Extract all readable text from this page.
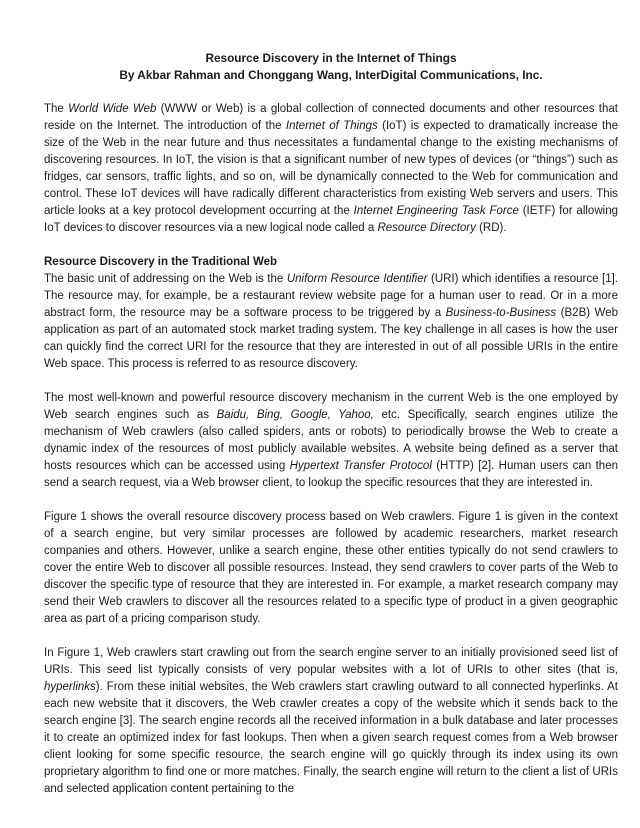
Resource Discovery in the Internet of Things
By Akbar Rahman and Chonggang Wang, InterDigital Communications, Inc.

The World Wide Web (WWW or Web) is a global collection of connected documents and other resources that reside on the Internet. The introduction of the Internet of Things (IoT) is expected to dramatically increase the size of the Web in the near future and thus necessitates a fundamental change to the existing mechanisms of discovering resources. In IoT, the vision is that a significant number of new types of devices (or “things”) such as fridges, car sensors, traffic lights, and so on, will be dynamically connected to the Web for communication and control. These IoT devices will have radically different characteristics from existing Web servers and users. This article looks at a key protocol development occurring at the Internet Engineering Task Force (IETF) for allowing IoT devices to discover resources via a new logical node called a Resource Directory (RD).

Resource Discovery in the Traditional Web

The basic unit of addressing on the Web is the Uniform Resource Identifier (URI) which identifies a resource [1]. The resource may, for example, be a restaurant review website page for a human user to read. Or in a more abstract form, the resource may be a software process to be triggered by a Business-to-Business (B2B) Web application as part of an automated stock market trading system. The key challenge in all cases is how the user can quickly find the correct URI for the resource that they are interested in out of all possible URIs in the entire Web space. This process is referred to as resource discovery.

The most well-known and powerful resource discovery mechanism in the current Web is the one employed by Web search engines such as Baidu, Bing, Google, Yahoo, etc. Specifically, search engines utilize the mechanism of Web crawlers (also called spiders, ants or robots) to periodically browse the Web to create a dynamic index of the resources of most publicly available websites. A website being defined as a server that hosts resources which can be accessed using Hypertext Transfer Protocol (HTTP) [2]. Human users can then send a search request, via a Web browser client, to lookup the specific resources that they are interested in.

Figure 1 shows the overall resource discovery process based on Web crawlers. Figure 1 is given in the context of a search engine, but very similar processes are followed by academic researchers, market research companies and others. However, unlike a search engine, these other entities typically do not send crawlers to cover the entire Web to discover all possible resources. Instead, they send crawlers to cover parts of the Web to discover the specific type of resource that they are interested in. For example, a market research company may send their Web crawlers to discover all the resources related to a specific type of product in a given geographic area as part of a pricing comparison study.

In Figure 1, Web crawlers start crawling out from the search engine server to an initially provisioned seed list of URIs. This seed list typically consists of very popular websites with a lot of URIs to other sites (that is, hyperlinks). From these initial websites, the Web crawlers start crawling outward to all connected hyperlinks. At each new website that it discovers, the Web crawler creates a copy of the website which it sends back to the search engine [3]. The search engine records all the received information in a bulk database and later processes it to create an optimized index for fast lookups. Then when a given search request comes from a Web browser client looking for some specific resource, the search engine will go quickly through its index using its own proprietary algorithm to find one or more matches. Finally, the search engine will return to the client a list of URIs and selected application content pertaining to the
